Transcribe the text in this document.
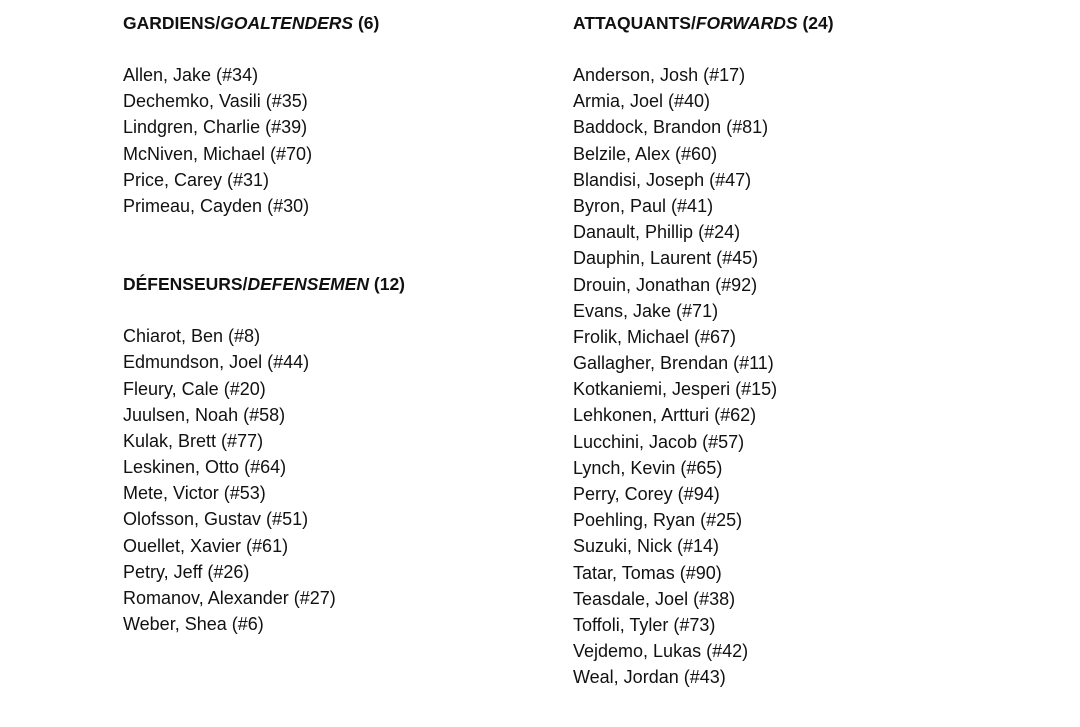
GARDIENS/GOALTENDERS (6)
Allen, Jake (#34)
Dechemko, Vasili (#35)
Lindgren, Charlie (#39)
McNiven, Michael (#70)
Price, Carey (#31)
Primeau, Cayden (#30)
DÉFENSEURS/DEFENSEMEN (12)
Chiarot, Ben (#8)
Edmundson, Joel (#44)
Fleury, Cale (#20)
Juulsen, Noah (#58)
Kulak, Brett (#77)
Leskinen, Otto (#64)
Mete, Victor (#53)
Olofsson, Gustav (#51)
Ouellet, Xavier (#61)
Petry, Jeff (#26)
Romanov, Alexander (#27)
Weber, Shea (#6)
ATTAQUANTS/FORWARDS (24)
Anderson, Josh (#17)
Armia, Joel (#40)
Baddock, Brandon (#81)
Belzile, Alex (#60)
Blandisi, Joseph (#47)
Byron, Paul (#41)
Danault, Phillip (#24)
Dauphin, Laurent (#45)
Drouin, Jonathan (#92)
Evans, Jake (#71)
Frolik, Michael (#67)
Gallagher, Brendan (#11)
Kotkaniemi, Jesperi (#15)
Lehkonen, Artturi (#62)
Lucchini, Jacob (#57)
Lynch, Kevin (#65)
Perry, Corey (#94)
Poehling, Ryan (#25)
Suzuki, Nick (#14)
Tatar, Tomas (#90)
Teasdale, Joel (#38)
Toffoli, Tyler (#73)
Vejdemo, Lukas (#42)
Weal, Jordan (#43)
